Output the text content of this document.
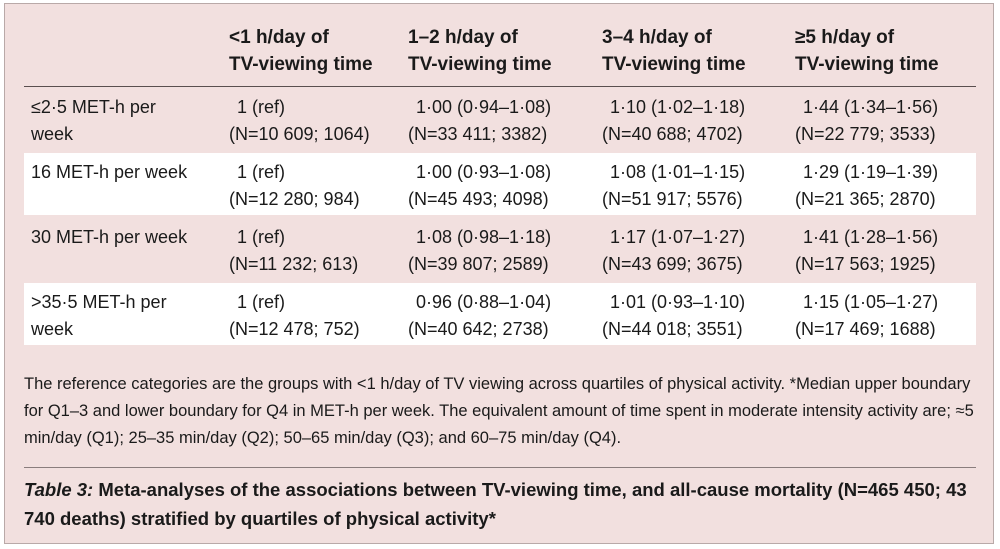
<1 h/day of
TV-viewing time
1–2 h/day of
TV-viewing time
3–4 h/day of
TV-viewing time
≥5 h/day of
TV-viewing time
≤2·5 MET-h per
week
1 (ref)
(N=10 609; 1064)
1·00 (0·94–1·08)
(N=33 411; 3382)
1·10 (1·02–1·18)
(N=40 688; 4702)
1·44 (1·34–1·56)
(N=22 779; 3533)
16 MET-h per week	1 (ref)
(N=12 280; 984)
1·00 (0·93–1·08)
(N=45 493; 4098)
1·08 (1·01–1·15)
(N=51 917; 5576)
1·29 (1·19–1·39)
(N=21 365; 2870)
30 MET-h per week	1 (ref)
(N=11 232; 613)
1·08 (0·98–1·18)
(N=39 807; 2589)
1·17 (1·07–1·27)
(N=43 699; 3675)
1·41 (1·28–1·56)
(N=17 563; 1925)
>35·5 MET-h per
week
1 (ref)
(N=12 478; 752)
0·96 (0·88–1·04)
(N=40 642; 2738)
1·01 (0·93–1·10)
(N=44 018; 3551)
1·15 (1·05–1·27)
(N=17 469; 1688)
The reference categories are the groups with <1 h/day of TV viewing across quartiles of physical activity. *Median upper boundary for Q1–3 and lower boundary for Q4 in MET-h per week. The equivalent amount of time spent in moderate intensity activity are; ≈5 min/day (Q1); 25–35 min/day (Q2); 50–65 min/day (Q3); and 60–75 min/day (Q4).
Table 3: Meta-analyses of the associations between TV-viewing time, and all-cause mortality (N=465 450; 43 740 deaths) stratified by quartiles of physical activity*
